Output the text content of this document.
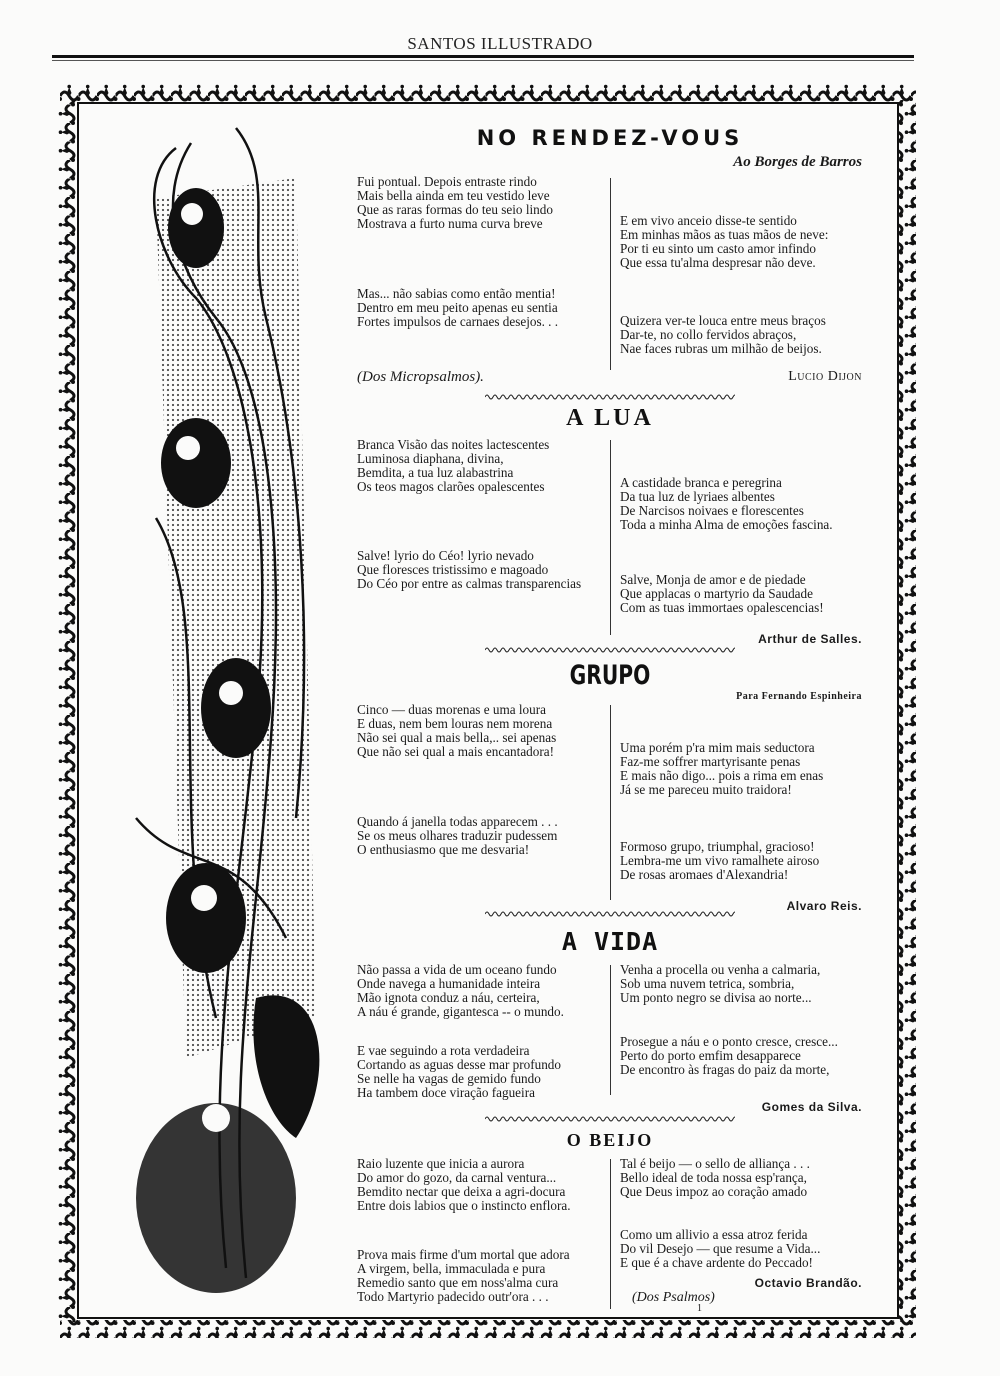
SANTOS ILLUSTRADO
NO RENDEZ-VOUS
Ao Borges de Barros
Fui pontual. Depois entraste rindo
Mais bella ainda em teu vestido leve
Que as raras formas do teu seio lindo
Mostrava a furto numa curva breve
Mas... não sabias como então mentia!
Dentro em meu peito apenas eu sentia
Fortes impulsos de carnaes desejos. . .
E em vivo anceio disse-te sentido
Em minhas mãos as tuas mãos de neve:
Por ti eu sinto um casto amor infindo
Que essa tu'alma despresar não deve.
Quizera ver-te louca entre meus braços
Dar-te, no collo fervidos abraços,
Nae faces rubras um milhão de beijos.
(Dos Micropsalmos).	Lucio Dijon
A LUA
Branca Visão das noites lactescentes
Luminosa diaphana, divina,
Bemdita, a tua luz alabastrina
Os teos magos clarões opalescentes
Salve! lyrio do Céo! lyrio nevado
Que floresces tristissimo e magoado
Do Céo por entre as calmas transparencias
A castidade branca e peregrina
Da tua luz de lyriaes albentes
De Narcisos noivaes e florescentes
Toda a minha Alma de emoções fascina.
Salve, Monja de amor e de piedade
Que applacas o martyrio da Saudade
Com as tuas immortaes opalescencias!
Arthur de Salles.
GRUPO
Para Fernando Espinheira
Cinco — duas morenas e uma loura
E duas, nem bem louras nem morena
Não sei qual a mais bella,.. sei apenas
Que não sei qual a mais encantadora!
Quando á janella todas apparecem . . .
Se os meus olhares traduzir pudessem
O enthusiasmo que me desvaria!
Uma porém p'ra mim mais seductora
Faz-me soffrer martyrisante penas
E mais não digo... pois a rima em enas
Já se me pareceu muito traidora!
Formoso grupo, triumphal, gracioso!
Lembra-me um vivo ramalhete airoso
De rosas aromaes d'Alexandria!
Alvaro Reis.
A VIDA
Não passa a vida de um oceano fundo
Onde navega a humanidade inteira
Mão ignota conduz a náu, certeira,
A náu é grande, gigantesca -- o mundo.
E vae seguindo a rota verdadeira
Cortando as aguas desse mar profundo
Se nelle ha vagas de gemido fundo
Ha tambem doce viração fagueira
Venha a procella ou venha a calmaria,
Sob uma nuvem tetrica, sombria,
Um ponto negro se divisa ao norte...
Prosegue a náu e o ponto cresce, cresce...
Perto do porto emfim desapparece
De encontro às fragas do paiz da morte,
Gomes da Silva.
O BEIJO
Raio luzente que inicia a aurora
Do amor do gozo, da carnal ventura...
Bemdito nectar que deixa a agri-docura
Entre dois labios que o instincto enflora.
Prova mais firme d'um mortal que adora
A virgem, bella, immaculada e pura
Remedio santo que em noss'alma cura
Todo Martyrio padecido outr'ora . . .
Tal é beijo — o sello de alliança . . .
Bello ideal de toda nossa esp'rança,
Que Deus impoz ao coração amado
Como um allivio a essa atroz ferida
Do vil Desejo — que resume a Vida...
E que é a chave ardente do Peccado!
Octavio Brandão.
(Dos Psalmos)
1
